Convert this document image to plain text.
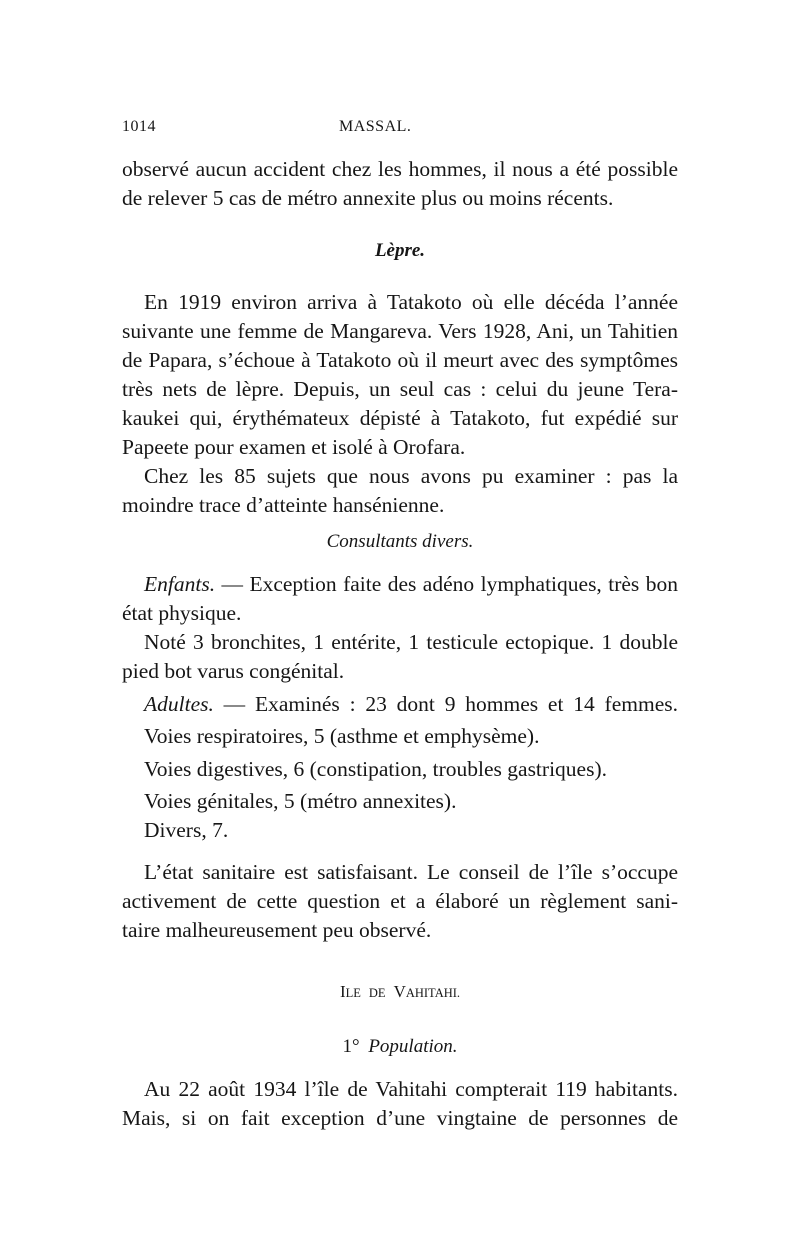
1014	MASSAL.
observé aucun accident chez les hommes, il nous a été possible
de relever 5 cas de métro annexite plus ou moins récents.
Lèpre.
En 1919 environ arriva à Tatakoto où elle décéda l’année
suivante une femme de Mangareva. Vers 1928, Ani, un Tahitien
de Papara, s’échoue à Tatakoto où il meurt avec des symptômes
très nets de lèpre. Depuis, un seul cas : celui du jeune Tera-
kaukei qui, érythémateux dépisté à Tatakoto, fut expédié sur
Papeete pour examen et isolé à Orofara.
Chez les 85 sujets que nous avons pu examiner : pas la
moindre trace d’atteinte hansénienne.
Consultants divers.
Enfants. — Exception faite des adéno lymphatiques, très bon
état physique.
Noté 3 bronchites, 1 entérite, 1 testicule ectopique. 1 double
pied bot varus congénital.
Adultes. — Examinés : 23 dont 9 hommes et 14 femmes.
Voies respiratoires, 5 (asthme et emphysème).
Voies digestives, 6 (constipation, troubles gastriques).
Voies génitales, 5 (métro annexites).
Divers, 7.
L’état sanitaire est satisfaisant. Le conseil de l’île s’occupe
activement de cette question et a élaboré un règlement sani-
taire malheureusement peu observé.
ILE DE VAHITAHI.
1° Population.
Au 22 août 1934 l’île de Vahitahi compterait 119 habitants.
Mais, si on fait exception d’une vingtaine de personnes de
